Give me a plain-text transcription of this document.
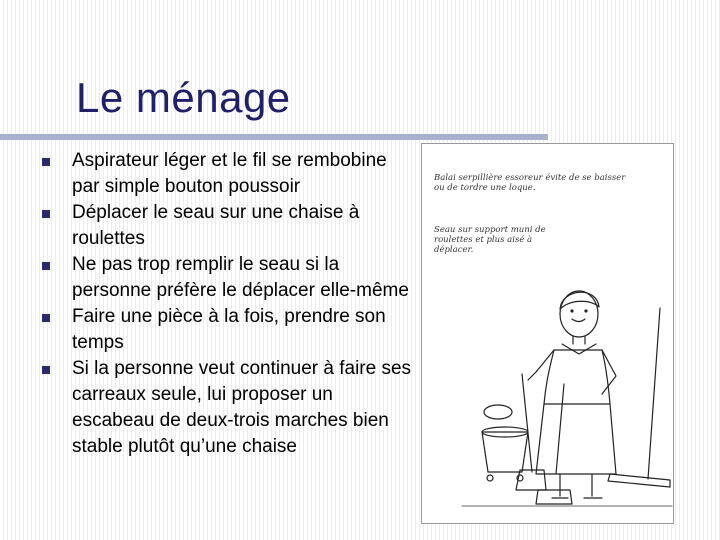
Le ménage
Aspirateur léger et le fil se rembobine par simple bouton poussoir
Déplacer le seau sur une chaise à roulettes
Ne pas trop remplir le seau si la personne préfère le déplacer elle-même
Faire une pièce à la fois, prendre son temps
Si la personne veut continuer à faire ses carreaux seule, lui proposer un escabeau de deux-trois marches bien stable plutôt qu’une chaise
Balai serpillière essoreur évite de se baisser
ou de tordre une loque.
Seau sur support muni de
roulettes et plus aisé à
déplacer.
